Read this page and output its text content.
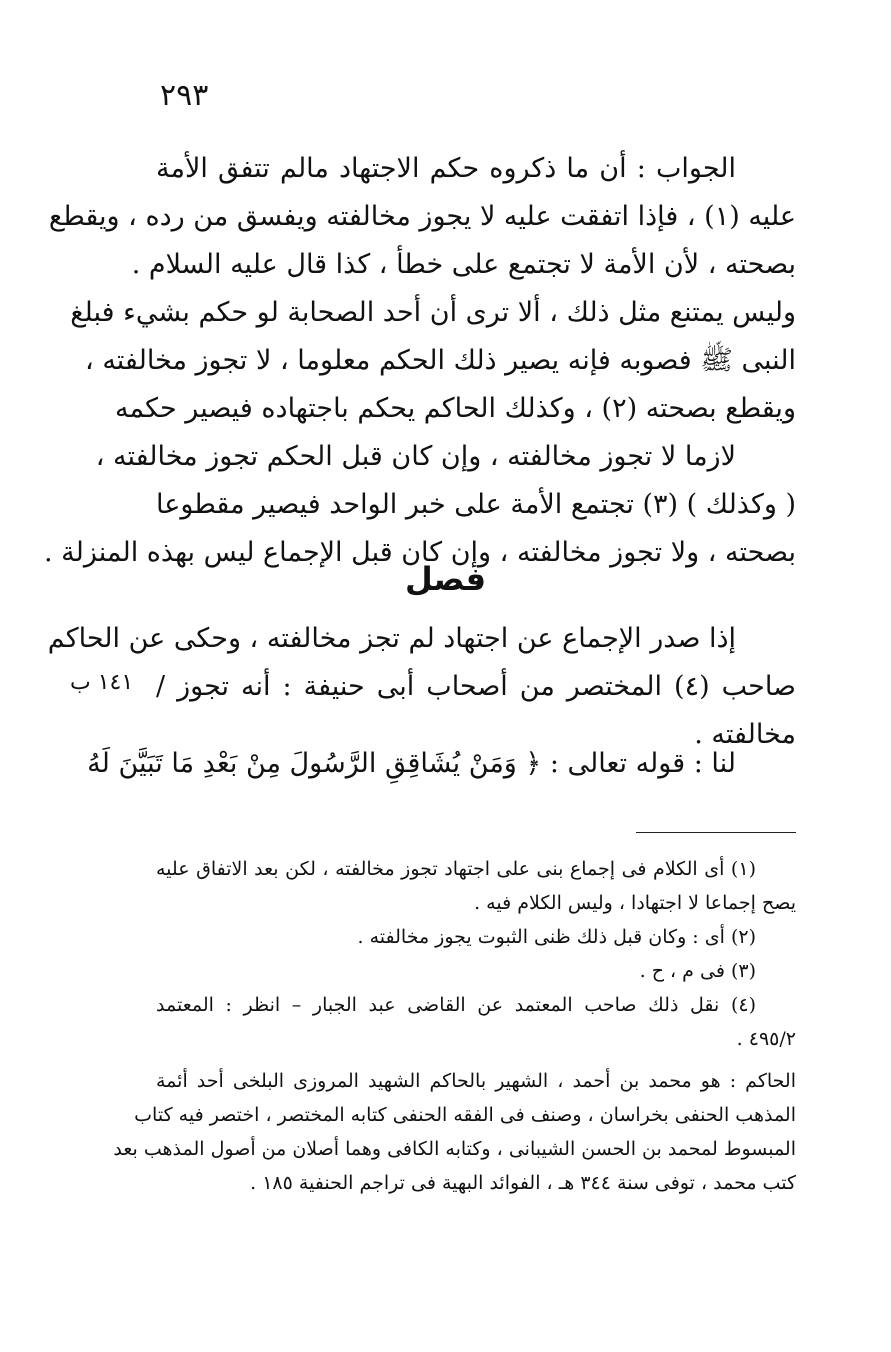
٢٩٣
الجواب : أن ما ذكروه حكم الاجتهاد مالم تتفق الأمة
عليه (١) ، فإذا اتفقت عليه لا يجوز مخالفته ويفسق من رده ، ويقطع
بصحته ، لأن الأمة لا تجتمع على خطأ ، كذا قال عليه السلام .
وليس يمتنع مثل ذلك ، ألا ترى أن أحد الصحابة لو حكم بشيء فبلغ
النبى ﷺ فصوبه فإنه يصير ذلك الحكم معلوما ، لا تجوز مخالفته ،
ويقطع بصحته (٢) ، وكذلك الحاكم يحكم باجتهاده فيصير حكمه
لازما لا تجوز مخالفته ، وإن كان قبل الحكم تجوز مخالفته ،
( وكذلك ) (٣) تجتمع الأمة على خبر الواحد فيصير مقطوعا
بصحته ، ولا تجوز مخالفته ، وإن كان قبل الإجماع ليس بهذه المنزلة .
فصل
إذا صدر الإجماع عن اجتهاد لم تجز مخالفته ، وحكى عن الحاكم
صاحب (٤) المختصر من أصحاب أبى حنيفة : أنه تجوز /
مخالفته .
١٤١ ب
لنا : قوله تعالى : ﴿ وَمَنْ يُشَاقِقِ الرَّسُولَ مِنْ بَعْدِ مَا تَبَيَّنَ لَهُ
(١) أى الكلام فى إجماع بنى على اجتهاد تجوز مخالفته ، لكن بعد الاتفاق عليه
يصح إجماعا لا اجتهادا ، وليس الكلام فيه .
(٢) أى : وكان قبل ذلك ظنى الثبوت يجوز مخالفته .
(٣) فى م ، ح .
(٤) نقل ذلك صاحب المعتمد عن القاضى عبد الجبار – انظر : المعتمد
٤٩٥/٢ .
الحاكم : هو محمد بن أحمد ، الشهير بالحاكم الشهيد المروزى البلخى أحد أئمة
المذهب الحنفى بخراسان ، وصنف فى الفقه الحنفى كتابه المختصر ، اختصر فيه كتاب
المبسوط لمحمد بن الحسن الشيبانى ، وكتابه الكافى وهما أصلان من أصول المذهب بعد
كتب محمد ، توفى سنة ٣٤٤ هـ ، الفوائد البهية فى تراجم الحنفية ١٨٥ .
